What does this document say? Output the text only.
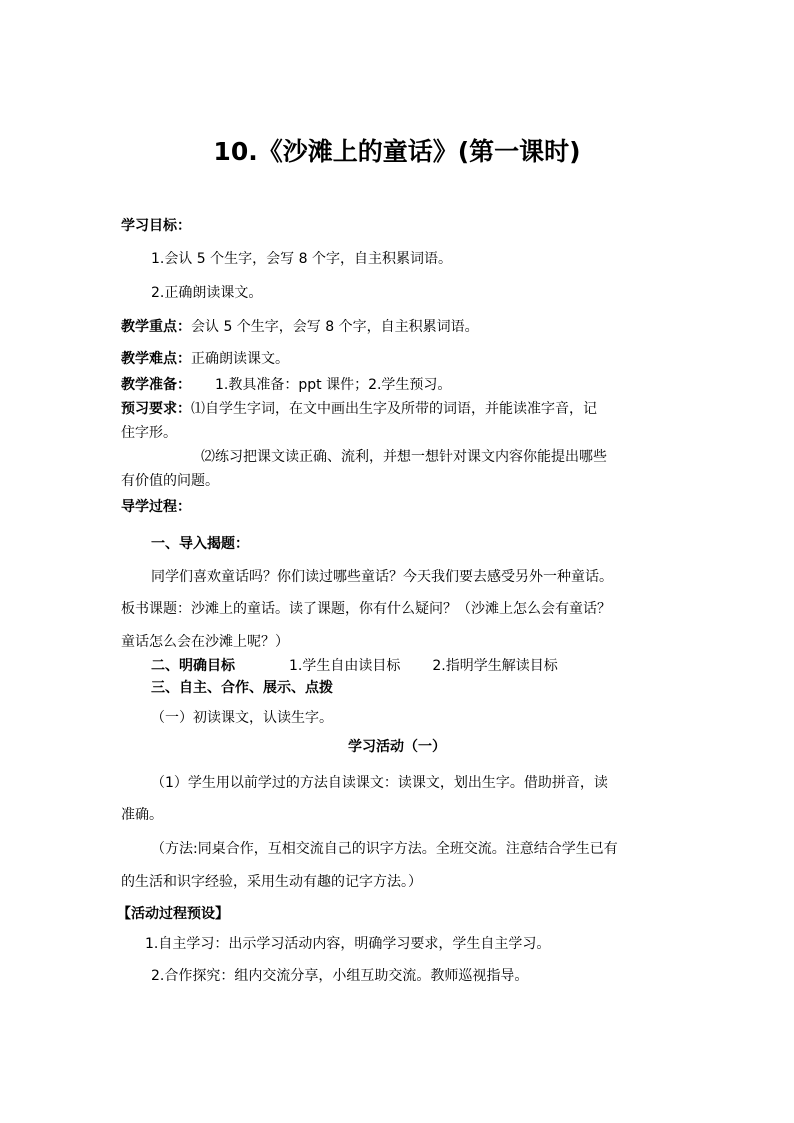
10.《沙滩上的童话》(第一课时)
学习目标：
1.会认 5 个生字，会写 8 个字，自主积累词语。
2.正确朗读课文。
教学重点：会认 5 个生字，会写 8 个字，自主积累词语。
教学难点：正确朗读课文。
教学准备： 1.教具准备：ppt 课件；2.学生预习。
预习要求：⑴自学生字词，在文中画出生字及所带的词语，并能读准字音，记
住字形。
⑵练习把课文读正确、流利，并想一想针对课文内容你能提出哪些
有价值的问题。
导学过程：
一、导入揭题：
同学们喜欢童话吗？你们读过哪些童话？今天我们要去感受另外一种童话。
板书课题：沙滩上的童话。读了课题，你有什么疑问？（沙滩上怎么会有童话？
童话怎么会在沙滩上呢？）
二、明确目标	1.学生自由读目标 2.指明学生解读目标
三、自主、合作、展示、点拨
（一）初读课文，认读生字。
学习活动（一）
（1）学生用以前学过的方法自读课文：读课文，划出生字。借助拼音，读
准确。
（方法:同桌合作，互相交流自己的识字方法。全班交流。注意结合学生已有
的生活和识字经验，采用生动有趣的记字方法。）
【活动过程预设】
1.自主学习：出示学习活动内容，明确学习要求，学生自主学习。
2.合作探究：组内交流分享，小组互助交流。教师巡视指导。
